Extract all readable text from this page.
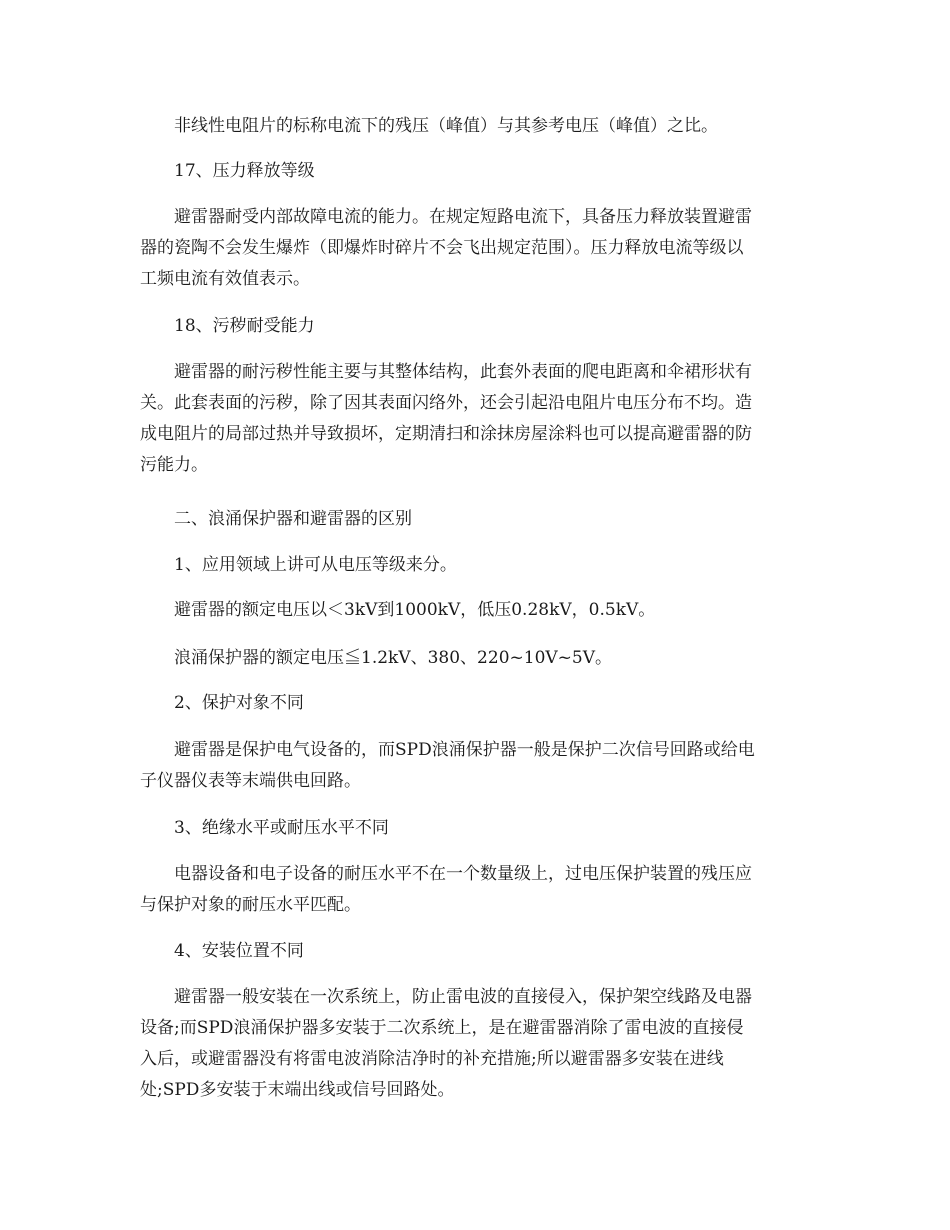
非线性电阻片的标称电流下的残压（峰值）与其参考电压（峰值）之比。

17、压力释放等级

避雷器耐受内部故障电流的能力。在规定短路电流下，具备压力释放装置避雷

器的瓷陶不会发生爆炸（即爆炸时碎片不会飞出规定范围）。压力释放电流等级以

工频电流有效值表示。

18、污秽耐受能力

避雷器的耐污秽性能主要与其整体结构，此套外表面的爬电距离和伞裙形状有

关。此套表面的污秽，除了因其表面闪络外，还会引起沿电阻片电压分布不均。造

成电阻片的局部过热并导致损坏，定期清扫和涂抹房屋涂料也可以提高避雷器的防

污能力。

二、浪涌保护器和避雷器的区别

1、应用领域上讲可从电压等级来分。

避雷器的额定电压以＜3kV到1000kV，低压0.28kV，0.5kV。

浪涌保护器的额定电压≦1.2kV、380、220~10V~5V。

2、保护对象不同

避雷器是保护电气设备的，而SPD浪涌保护器一般是保护二次信号回路或给电

子仪器仪表等末端供电回路。

3、绝缘水平或耐压水平不同

电器设备和电子设备的耐压水平不在一个数量级上，过电压保护装置的残压应

与保护对象的耐压水平匹配。

4、安装位置不同

避雷器一般安装在一次系统上，防止雷电波的直接侵入，保护架空线路及电器

设备;而SPD浪涌保护器多安装于二次系统上，是在避雷器消除了雷电波的直接侵

入后，或避雷器没有将雷电波消除洁净时的补充措施;所以避雷器多安装在进线

处;SPD多安装于末端出线或信号回路处。
